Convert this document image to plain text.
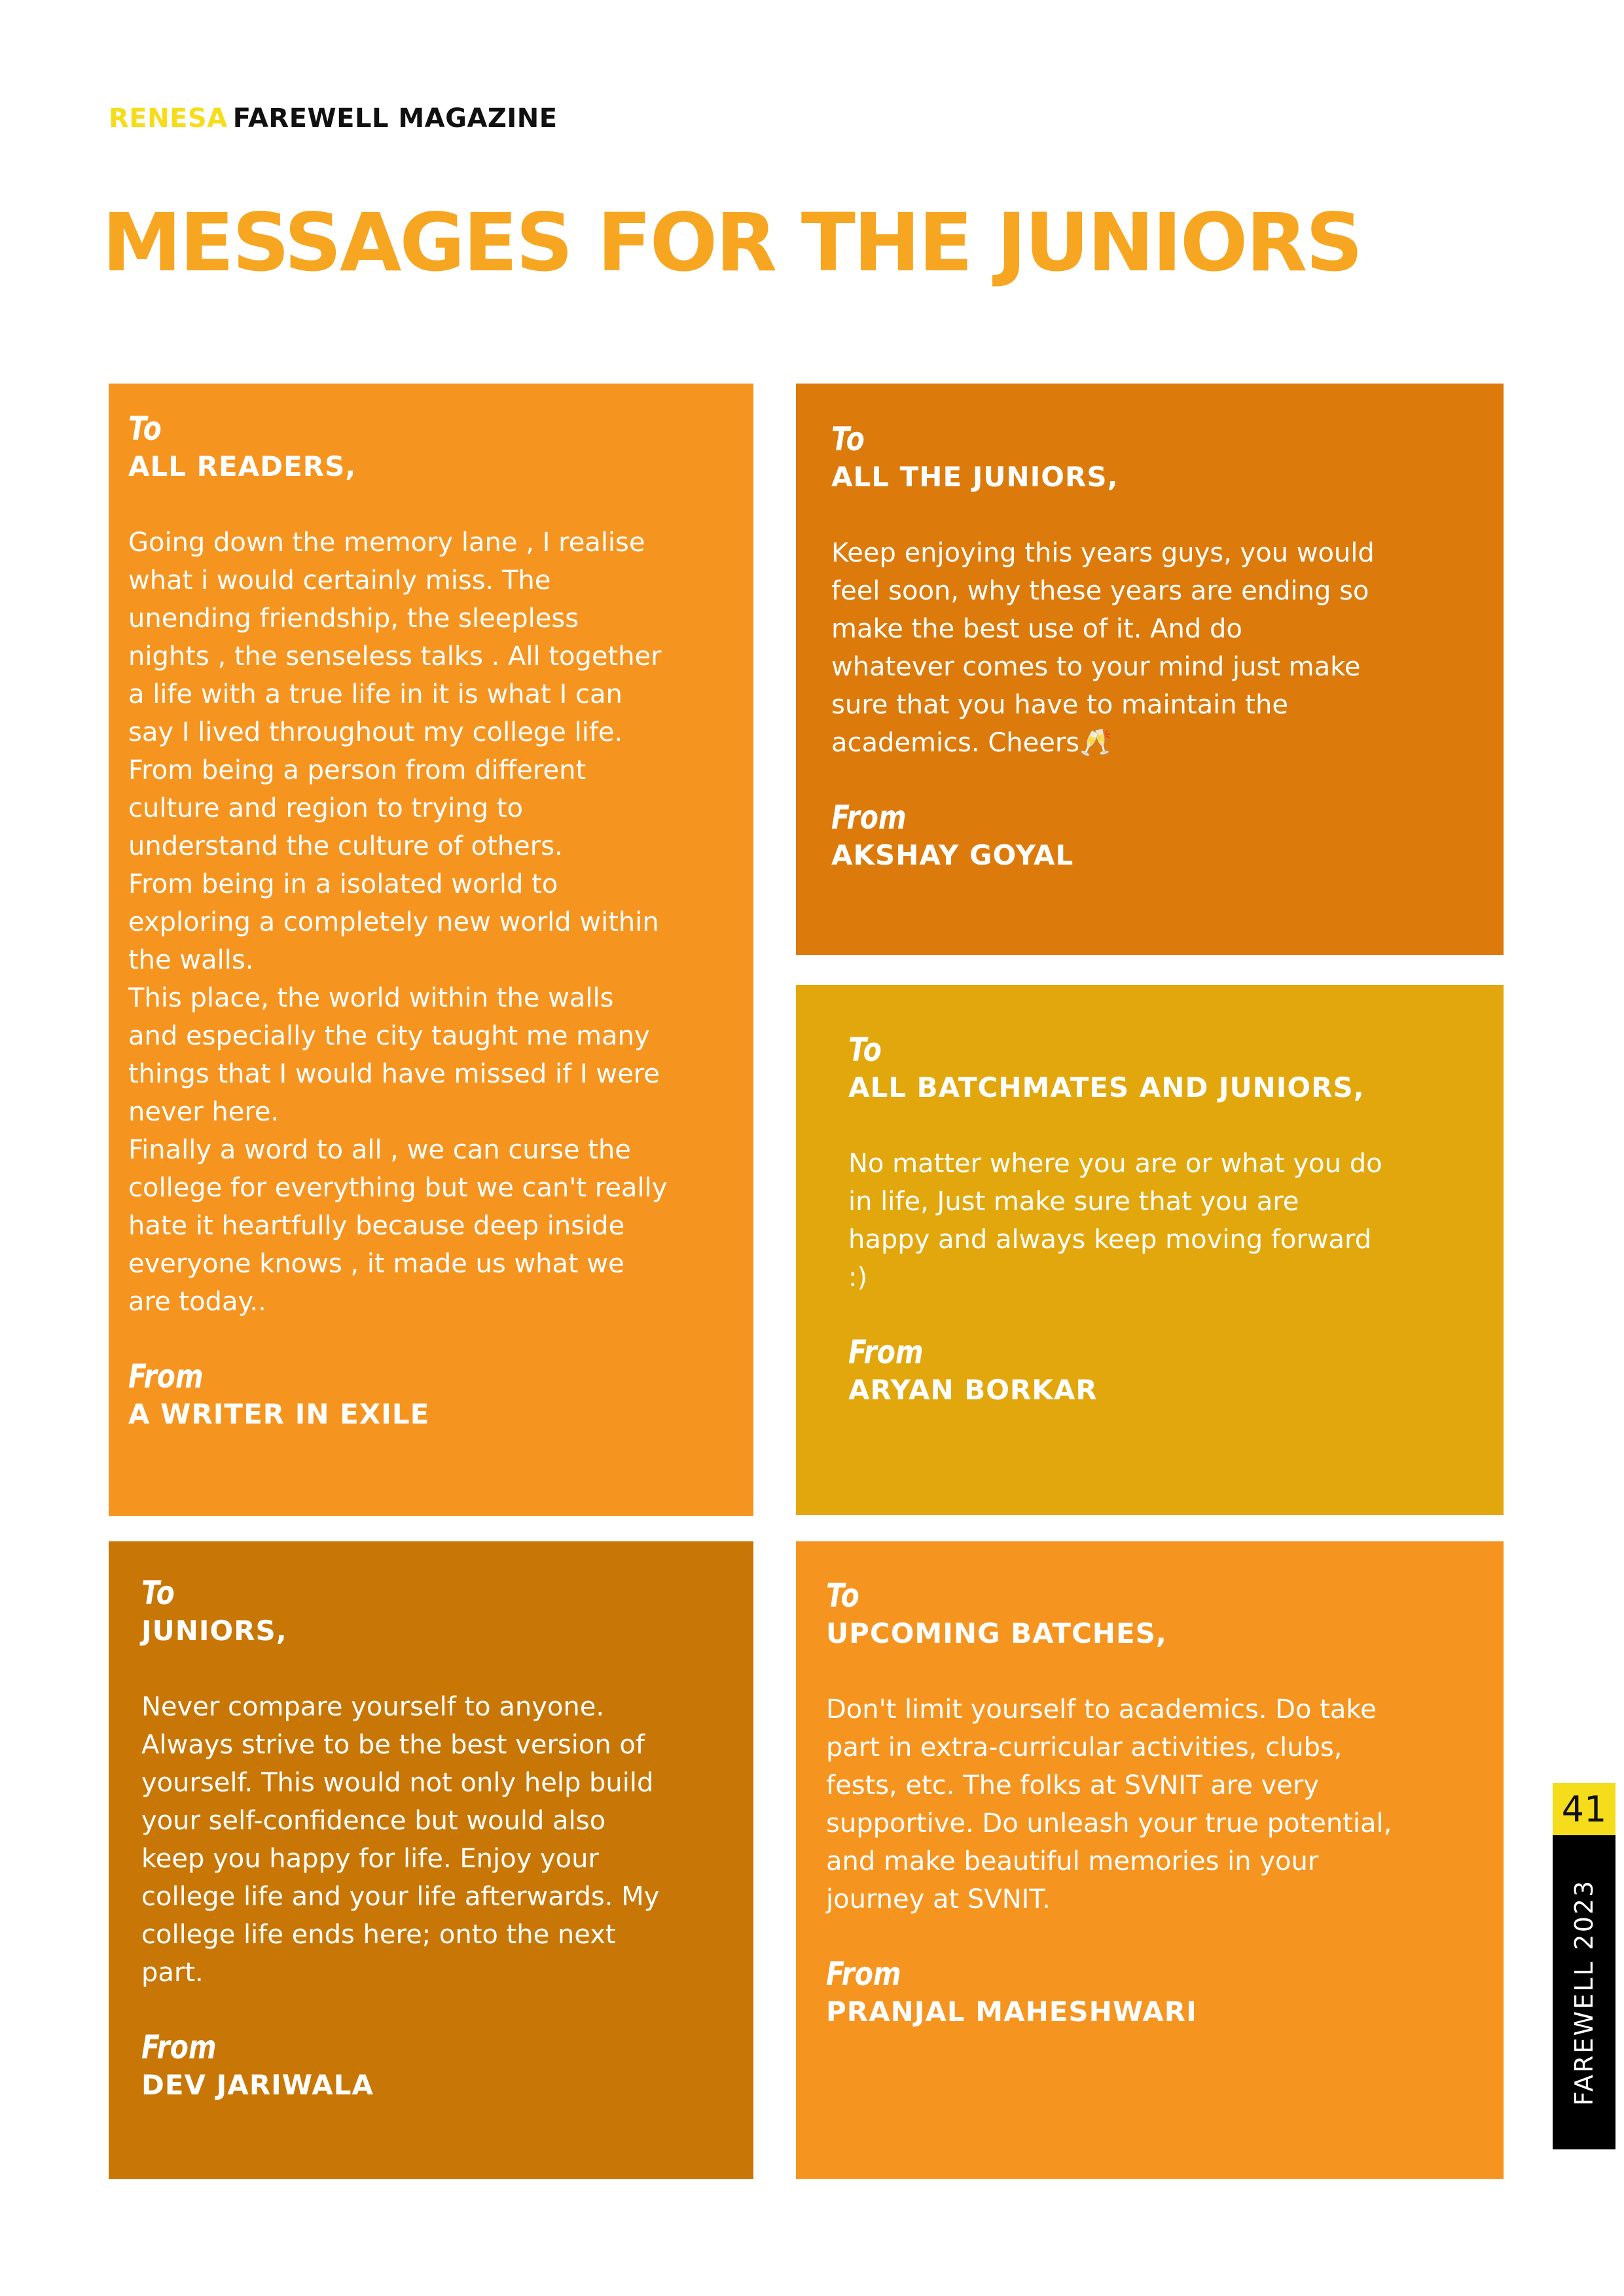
RENESA FAREWELL MAGAZINE
MESSAGES FOR THE JUNIORS
To
ALL READERS,
Going down the memory lane , I realise
what i would certainly miss. The
unending friendship, the sleepless
nights , the senseless talks . All together
a life with a true life in it is what I can
say I lived throughout my college life.
From being a person from different
culture and region to trying to
understand the culture of others.
From being in a isolated world to
exploring a completely new world within
the walls.
This place, the world within the walls
and especially the city taught me many
things that I would have missed if I were
never here.
Finally a word to all , we can curse the
college for everything but we can't really
hate it heartfully because deep inside
everyone knows , it made us what we
are today..
From
A WRITER IN EXILE
To
ALL THE JUNIORS,
Keep enjoying this years guys, you would
feel soon, why these years are ending so
make the best use of it. And do
whatever comes to your mind just make
sure that you have to maintain the
academics. Cheers🥂
From
AKSHAY GOYAL
To
ALL BATCHMATES AND JUNIORS,
No matter where you are or what you do
in life, Just make sure that you are
happy and always keep moving forward
:)
From
ARYAN BORKAR
To
JUNIORS,
Never compare yourself to anyone.
Always strive to be the best version of
yourself. This would not only help build
your self-confidence but would also
keep you happy for life. Enjoy your
college life and your life afterwards. My
college life ends here; onto the next
part.
From
DEV JARIWALA
To
UPCOMING BATCHES,
Don't limit yourself to academics. Do take
part in extra-curricular activities, clubs,
fests, etc. The folks at SVNIT are very
supportive. Do unleash your true potential,
and make beautiful memories in your
journey at SVNIT.
From
PRANJAL MAHESHWARI
41
FAREWELL 2023
